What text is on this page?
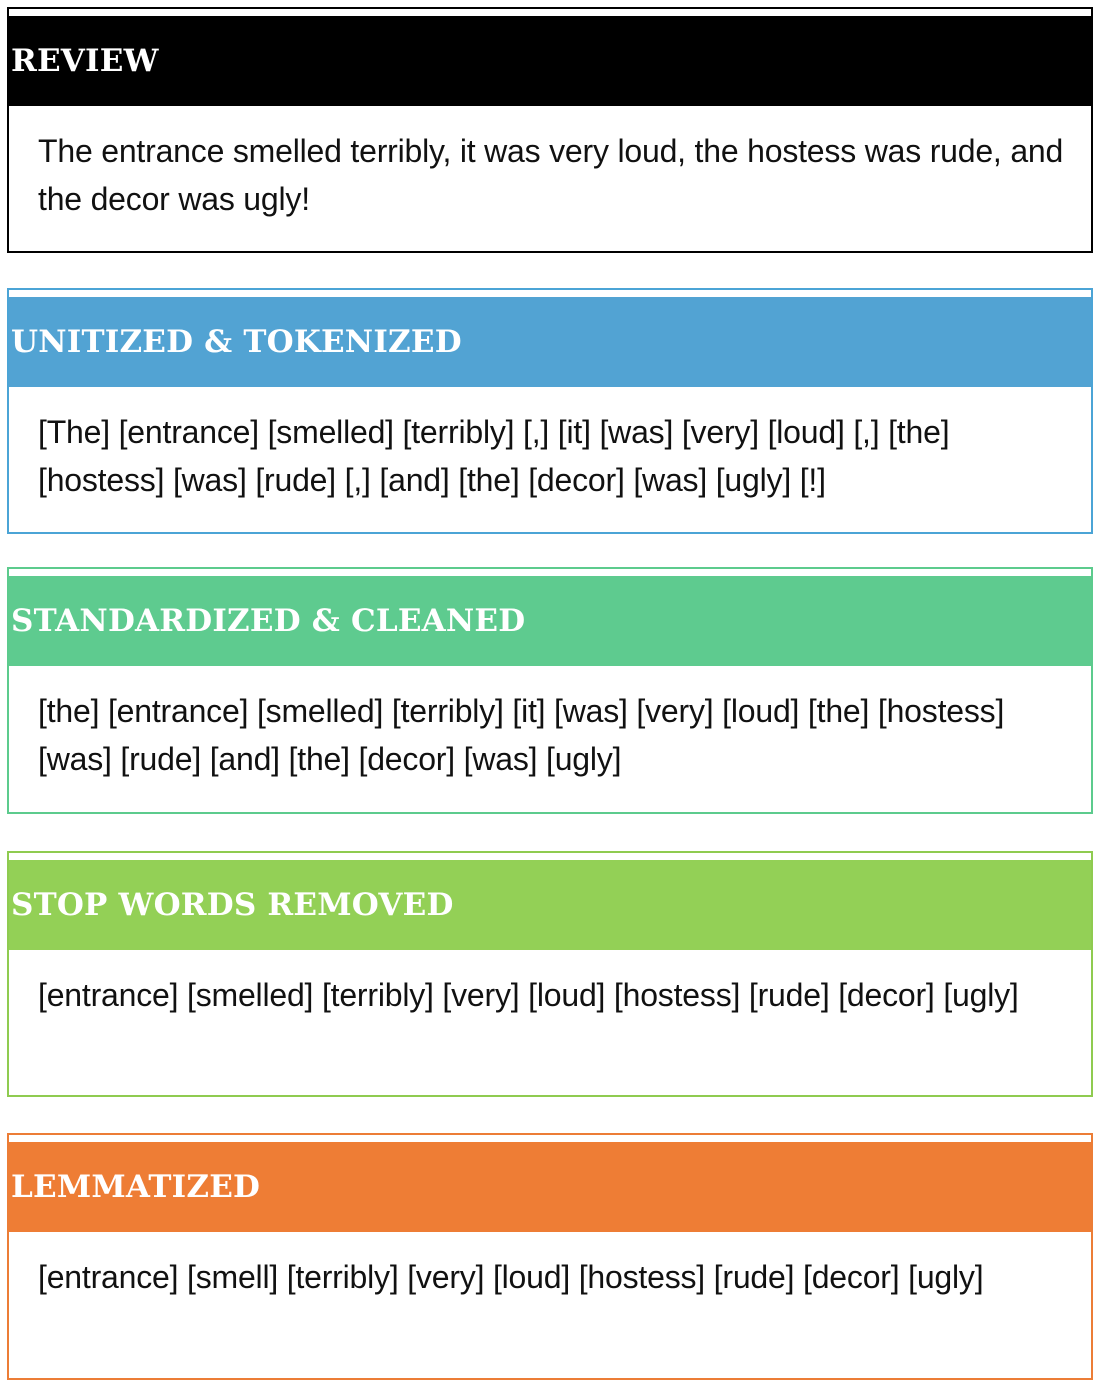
REVIEW
The entrance smelled terribly, it was very loud, the hostess was rude, and the decor was ugly!
UNITIZED & TOKENIZED
[The] [entrance] [smelled] [terribly] [,] [it] [was] [very] [loud] [,] [the] [hostess] [was] [rude] [,] [and] [the] [decor] [was] [ugly] [!]
STANDARDIZED & CLEANED
[the] [entrance] [smelled] [terribly] [it] [was] [very] [loud] [the] [hostess] [was] [rude] [and] [the] [decor] [was] [ugly]
STOP WORDS REMOVED
[entrance] [smelled] [terribly] [very] [loud] [hostess] [rude] [decor] [ugly]
LEMMATIZED
[entrance] [smell] [terribly] [very] [loud] [hostess] [rude] [decor] [ugly]
